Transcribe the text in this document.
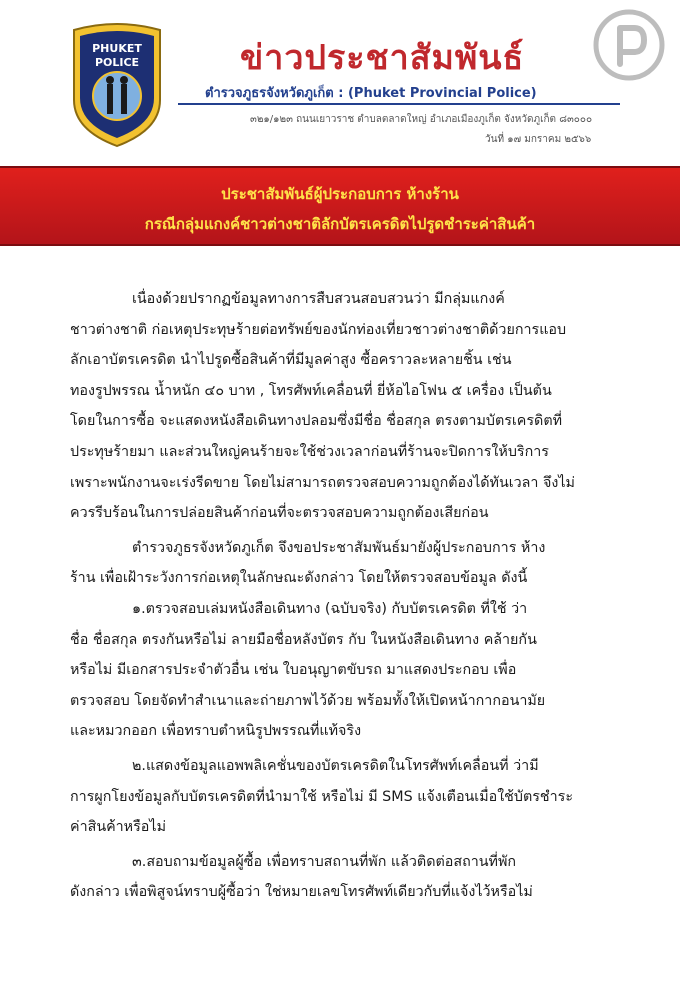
PHUKET
POLICE	ข่าวประชาสัมพันธ์
ตำรวจภูธรจังหวัดภูเก็ต : (Phuket Provincial Police)
๓๒๑/๑๒๓ ถนนเยาวราช ตำบลตลาดใหญ่ อำเภอเมืองภูเก็ต จังหวัดภูเก็ต ๘๓๐๐๐
วันที่ ๑๗ มกราคม ๒๕๖๖
ประชาสัมพันธ์ผู้ประกอบการ ห้างร้าน
กรณีกลุ่มแกงค์ชาวต่างชาติลักบัตรเครดิตไปรูดชำระค่าสินค้า
เนื่องด้วยปรากฏข้อมูลทางการสืบสวนสอบสวนว่า มีกลุ่มแกงค์
ชาวต่างชาติ ก่อเหตุประทุษร้ายต่อทรัพย์ของนักท่องเที่ยวชาวต่างชาติด้วยการแอบ
ลักเอาบัตรเครดิต นำไปรูดซื้อสินค้าที่มีมูลค่าสูง ซื้อคราวละหลายชิ้น เช่น
ทองรูปพรรณ น้ำหนัก ๔๐ บาท , โทรศัพท์เคลื่อนที่ ยี่ห้อไอโฟน ๕ เครื่อง เป็นต้น
โดยในการซื้อ จะแสดงหนังสือเดินทางปลอมซึ่งมีชื่อ ชื่อสกุล ตรงตามบัตรเครดิตที่
ประทุษร้ายมา และส่วนใหญ่คนร้ายจะใช้ช่วงเวลาก่อนที่ร้านจะปิดการให้บริการ
เพราะพนักงานจะเร่งรีดขาย โดยไม่สามารถตรวจสอบความถูกต้องได้ทันเวลา จึงไม่
ควรรีบร้อนในการปล่อยสินค้าก่อนที่จะตรวจสอบความถูกต้องเสียก่อน
ตำรวจภูธรจังหวัดภูเก็ต จึงขอประชาสัมพันธ์มายังผู้ประกอบการ ห้าง
ร้าน เพื่อเฝ้าระวังการก่อเหตุในลักษณะดังกล่าว โดยให้ตรวจสอบข้อมูล ดังนี้
๑.ตรวจสอบเล่มหนังสือเดินทาง (ฉบับจริง) กับบัตรเครดิต ที่ใช้ ว่า
ชื่อ ชื่อสกุล ตรงกันหรือไม่ ลายมือชื่อหลังบัตร กับ ในหนังสือเดินทาง คล้ายกัน
หรือไม่ มีเอกสารประจำตัวอื่น เช่น ใบอนุญาตขับรถ มาแสดงประกอบ เพื่อ
ตรวจสอบ โดยจัดทำสำเนาและถ่ายภาพไว้ด้วย พร้อมทั้งให้เปิดหน้ากากอนามัย
และหมวกออก เพื่อทราบตำหนิรูปพรรณที่แท้จริง
๒.แสดงข้อมูลแอพพลิเคชั่นของบัตรเครดิตในโทรศัพท์เคลื่อนที่ ว่ามี
การผูกโยงข้อมูลกับบัตรเครดิตที่นำมาใช้ หรือไม่ มี SMS แจ้งเตือนเมื่อใช้บัตรชำระ
ค่าสินค้าหรือไม่
๓.สอบถามข้อมูลผู้ซื้อ เพื่อทราบสถานที่พัก แล้วติดต่อสถานที่พัก
ดังกล่าว เพื่อพิสูจน์ทราบผู้ซื้อว่า ใช่หมายเลขโทรศัพท์เดียวกับที่แจ้งไว้หรือไม่
